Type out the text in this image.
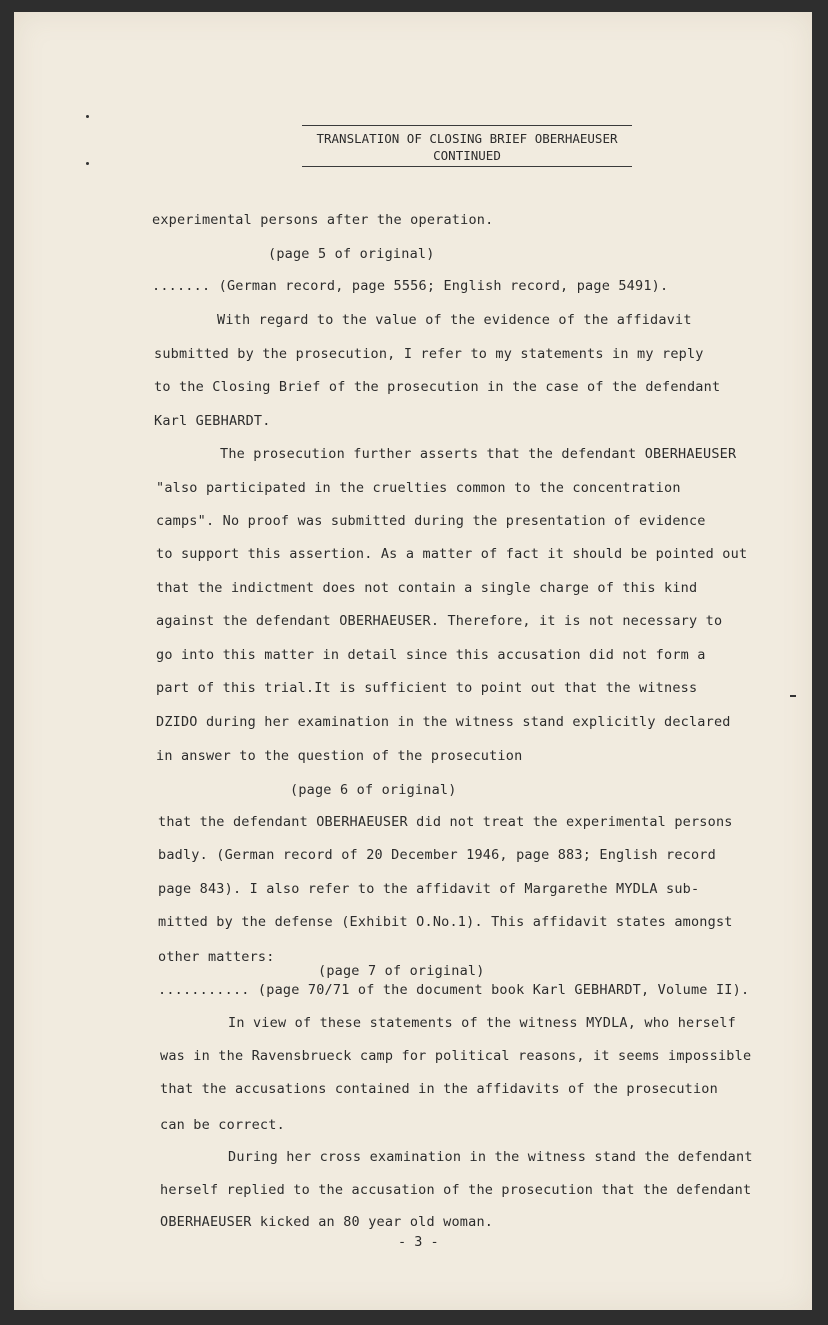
TRANSLATION OF CLOSING BRIEF OBERHAEUSER
CONTINUED
experimental persons after the operation.
(page 5 of original)
....... (German record, page 5556; English record, page 5491).
With regard to the value of the evidence of the affidavit
submitted by the prosecution, I refer to my statements in my reply
to the Closing Brief of the prosecution in the case of the defendant
Karl GEBHARDT.
The prosecution further asserts that the defendant OBERHAEUSER
"also participated in the cruelties common to the concentration
camps". No proof was submitted during the presentation of evidence
to support this assertion. As a matter of fact it should be pointed out
that the indictment does not contain a single charge of this kind
against the defendant OBERHAEUSER. Therefore, it is not necessary to
go into this matter in detail since this accusation did not form a
part of this trial.It is sufficient to point out that the witness
DZIDO during her examination in the witness stand explicitly declared
in answer to the question of the prosecution
(page 6 of original)
that the defendant OBERHAEUSER did not treat the experimental persons
badly. (German record of 20 December 1946, page 883; English record
page 843). I also refer to the affidavit of Margarethe MYDLA sub-
mitted by the defense (Exhibit O.No.1). This affidavit states amongst
other matters:
(page 7 of original)
........... (page 70/71 of the document book Karl GEBHARDT, Volume II).
In view of these statements of the witness MYDLA, who herself
was in the Ravensbrueck camp for political reasons, it seems impossible
that the accusations contained in the affidavits of the prosecution
can be correct.
During her cross examination in the witness stand the defendant
herself replied to the accusation of the prosecution that the defendant
OBERHAEUSER kicked an 80 year old woman.
- 3 -
